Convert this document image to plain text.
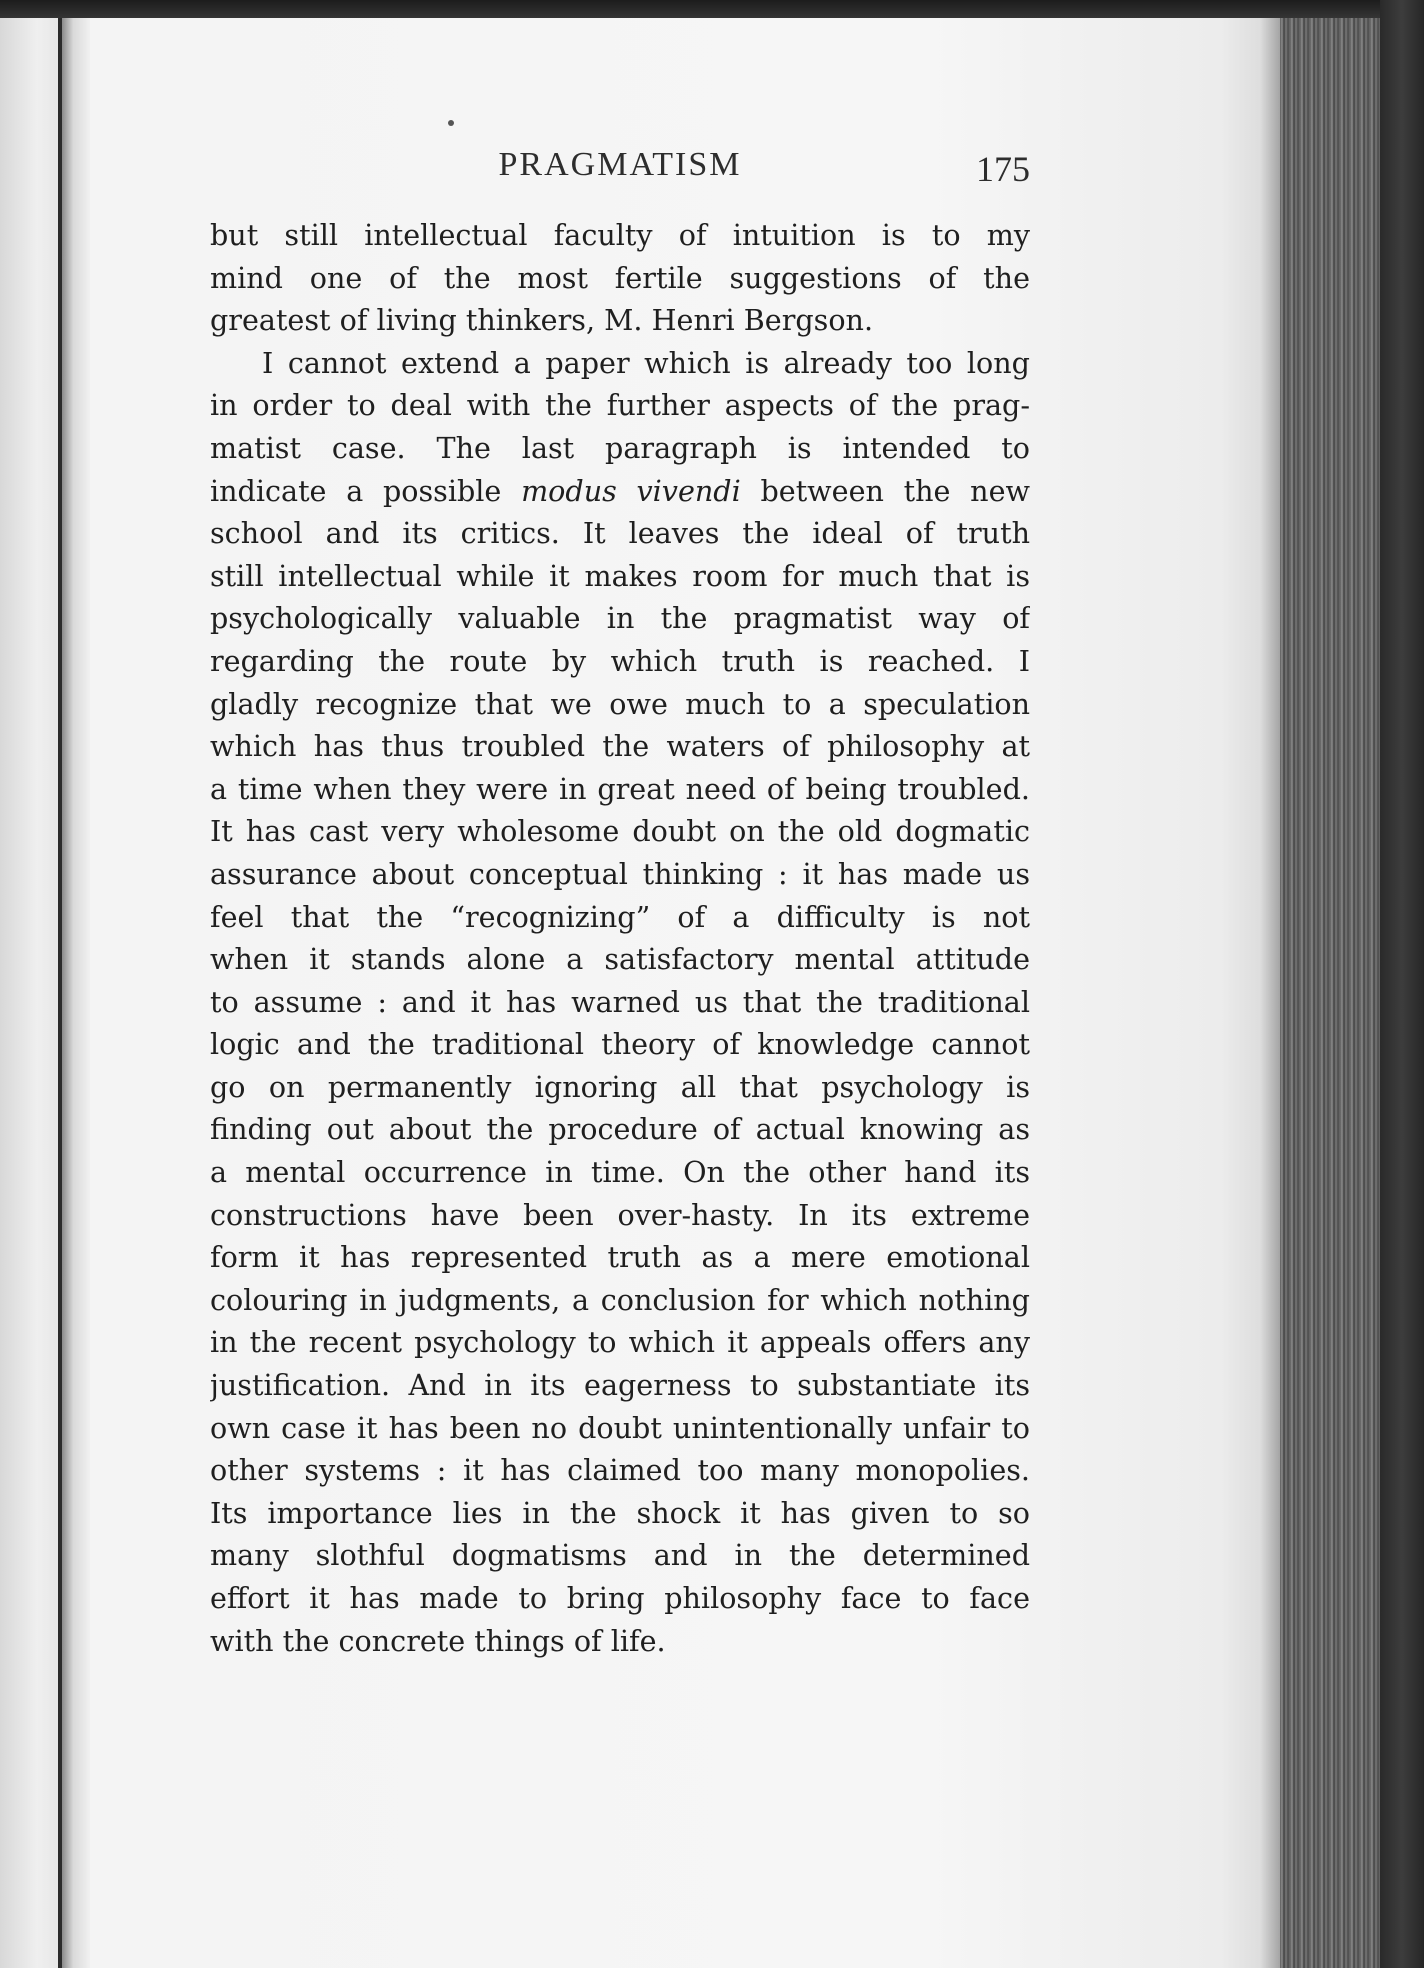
PRAGMATISM	175
but still intellectual faculty of intuition is to my
mind one of the most fertile suggestions of the
greatest of living thinkers, M. Henri Bergson.
I cannot extend a paper which is already too long
in order to deal with the further aspects of the prag-
matist case. The last paragraph is intended to
indicate a possible modus vivendi between the new
school and its critics. It leaves the ideal of truth
still intellectual while it makes room for much that is
psychologically valuable in the pragmatist way of
regarding the route by which truth is reached. I
gladly recognize that we owe much to a speculation
which has thus troubled the waters of philosophy at
a time when they were in great need of being troubled.
It has cast very wholesome doubt on the old dogmatic
assurance about conceptual thinking : it has made us
feel that the “recognizing” of a difficulty is not
when it stands alone a satisfactory mental attitude
to assume : and it has warned us that the traditional
logic and the traditional theory of knowledge cannot
go on permanently ignoring all that psychology is
finding out about the procedure of actual knowing as
a mental occurrence in time. On the other hand its
constructions have been over-hasty. In its extreme
form it has represented truth as a mere emotional
colouring in judgments, a conclusion for which nothing
in the recent psychology to which it appeals offers any
justification. And in its eagerness to substantiate its
own case it has been no doubt unintentionally unfair to
other systems : it has claimed too many monopolies.
Its importance lies in the shock it has given to so
many slothful dogmatisms and in the determined
effort it has made to bring philosophy face to face
with the concrete things of life.
